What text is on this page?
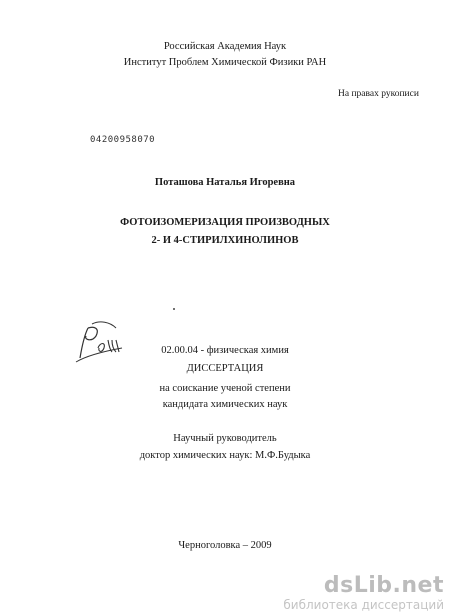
Российская Академия Наук
Институт Проблем Химической Физики РАН
На правах рукописи
04200958070
Поташова Наталья Игоревна
ФОТОИЗОМЕРИЗАЦИЯ ПРОИЗВОДНЫХ
2- И 4-СТИРИЛХИНОЛИНОВ
02.00.04 - физическая химия
ДИССЕРТАЦИЯ
на соискание ученой степени
кандидата химических наук
Научный руководитель
доктор химических наук: М.Ф.Будыка
Черноголовка – 2009
dsLib.net
библиотека диссертаций
